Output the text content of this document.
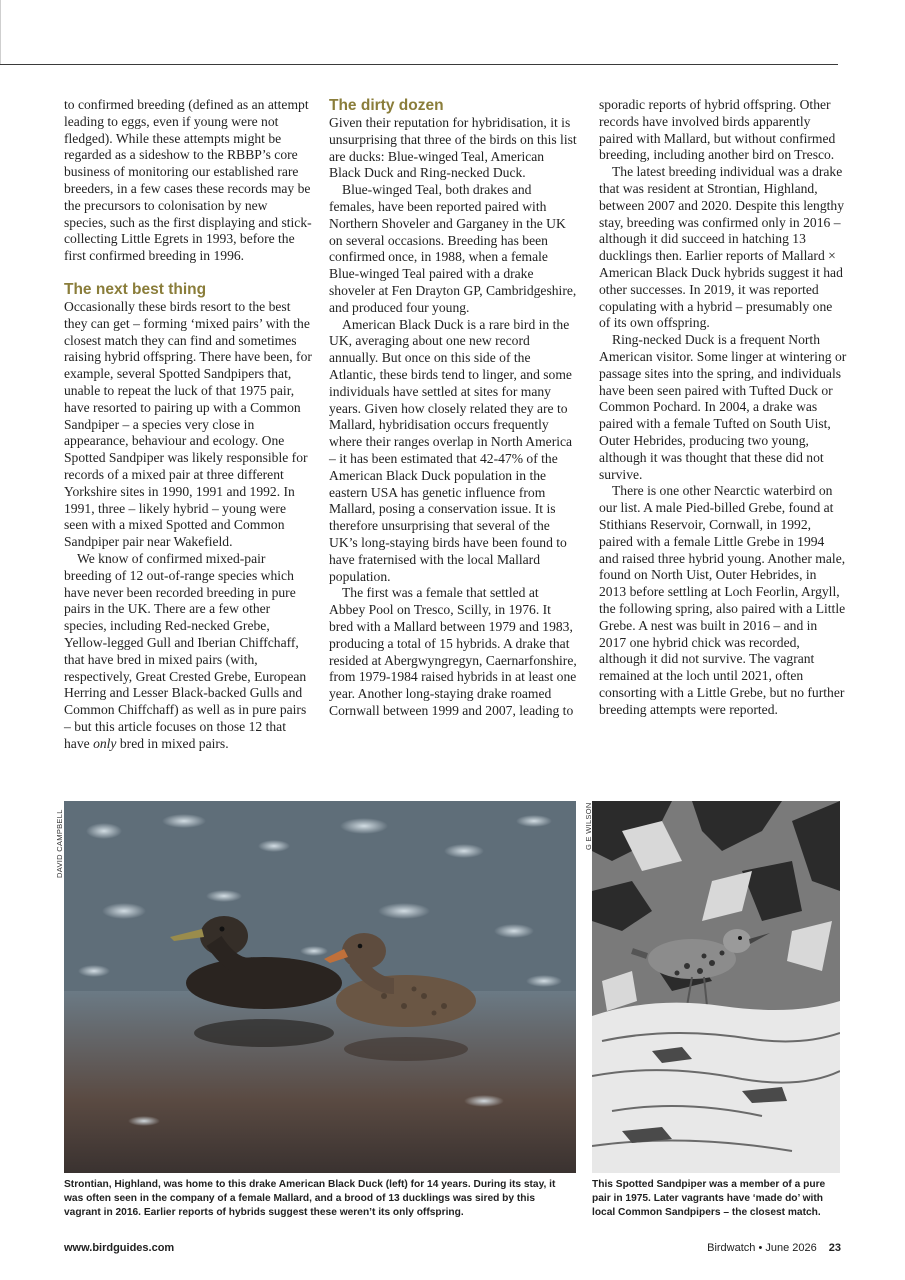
to confirmed breeding (defined as an attempt leading to eggs, even if young were not fledged). While these attempts might be regarded as a sideshow to the RBBP’s core business of monitoring our established rare breeders, in a few cases these records may be the precursors to colonisation by new species, such as the first displaying and stick-collecting Little Egrets in 1993, before the first confirmed breeding in 1996.

The next best thing

Occasionally these birds resort to the best they can get – forming ‘mixed pairs’ with the closest match they can find and sometimes raising hybrid offspring. There have been, for example, several Spotted Sandpipers that, unable to repeat the luck of that 1975 pair, have resorted to pairing up with a Common Sandpiper – a species very close in appearance, behaviour and ecology. One Spotted Sandpiper was likely responsible for records of a mixed pair at three different Yorkshire sites in 1990, 1991 and 1992. In 1991, three – likely hybrid – young were seen with a mixed Spotted and Common Sandpiper pair near Wakefield.

We know of confirmed mixed-pair breeding of 12 out-of-range species which have never been recorded breeding in pure pairs in the UK. There are a few other species, including Red-necked Grebe, Yellow-legged Gull and Iberian Chiffchaff, that have bred in mixed pairs (with, respectively, Great Crested Grebe, European Herring and Lesser Black-backed Gulls and Common Chiffchaff) as well as in pure pairs – but this article focuses on those 12 that have only bred in mixed pairs.

The dirty dozen

Given their reputation for hybridisation, it is unsurprising that three of the birds on this list are ducks: Blue-winged Teal, American Black Duck and Ring-necked Duck.

Blue-winged Teal, both drakes and females, have been reported paired with Northern Shoveler and Garganey in the UK on several occasions. Breeding has been confirmed once, in 1988, when a female Blue-winged Teal paired with a drake shoveler at Fen Drayton GP, Cambridgeshire, and produced four young.

American Black Duck is a rare bird in the UK, averaging about one new record annually. But once on this side of the Atlantic, these birds tend to linger, and some individuals have settled at sites for many years. Given how closely related they are to Mallard, hybridisation occurs frequently where their ranges overlap in North America – it has been estimated that 42-47% of the American Black Duck population in the eastern USA has genetic influence from Mallard, posing a conservation issue. It is therefore unsurprising that several of the UK’s long-staying birds have been found to have fraternised with the local Mallard population.

The first was a female that settled at Abbey Pool on Tresco, Scilly, in 1976. It bred with a Mallard between 1979 and 1983, producing a total of 15 hybrids. A drake that resided at Abergwyngregyn, Caernarfonshire, from 1979-1984 raised hybrids in at least one year. Another long-staying drake roamed Cornwall between 1999 and 2007, leading to

sporadic reports of hybrid offspring. Other records have involved birds apparently paired with Mallard, but without confirmed breeding, including another bird on Tresco.

The latest breeding individual was a drake that was resident at Strontian, Highland, between 2007 and 2020. Despite this lengthy stay, breeding was confirmed only in 2016 – although it did succeed in hatching 13 ducklings then. Earlier reports of Mallard × American Black Duck hybrids suggest it had other successes. In 2019, it was reported copulating with a hybrid – presumably one of its own offspring.

Ring-necked Duck is a frequent North American visitor. Some linger at wintering or passage sites into the spring, and individuals have been seen paired with Tufted Duck or Common Pochard. In 2004, a drake was paired with a female Tufted on South Uist, Outer Hebrides, producing two young, although it was thought that these did not survive.

There is one other Nearctic waterbird on our list. A male Pied-billed Grebe, found at Stithians Reservoir, Cornwall, in 1992, paired with a female Little Grebe in 1994 and raised three hybrid young. Another male, found on North Uist, Outer Hebrides, in 2013 before settling at Loch Feorlin, Argyll, the following spring, also paired with a Little Grebe. A nest was built in 2016 – and in 2017 one hybrid chick was recorded, although it did not survive. The vagrant remained at the loch until 2021, often consorting with a Little Grebe, but no further breeding attempts were reported.

DAVID CAMPBELL	G E WILSON
Strontian, Highland, was home to this drake American Black Duck (left) for 14 years. During its stay, it was often seen in the company of a female Mallard, and a brood of 13 ducklings was sired by this vagrant in 2016. Earlier reports of hybrids suggest these weren’t its only offspring.
This Spotted Sandpiper was a member of a pure pair in 1975. Later vagrants have ‘made do’ with local Common Sandpipers – the closest match.
www.birdguides.com	Birdwatch • June 2026 23
